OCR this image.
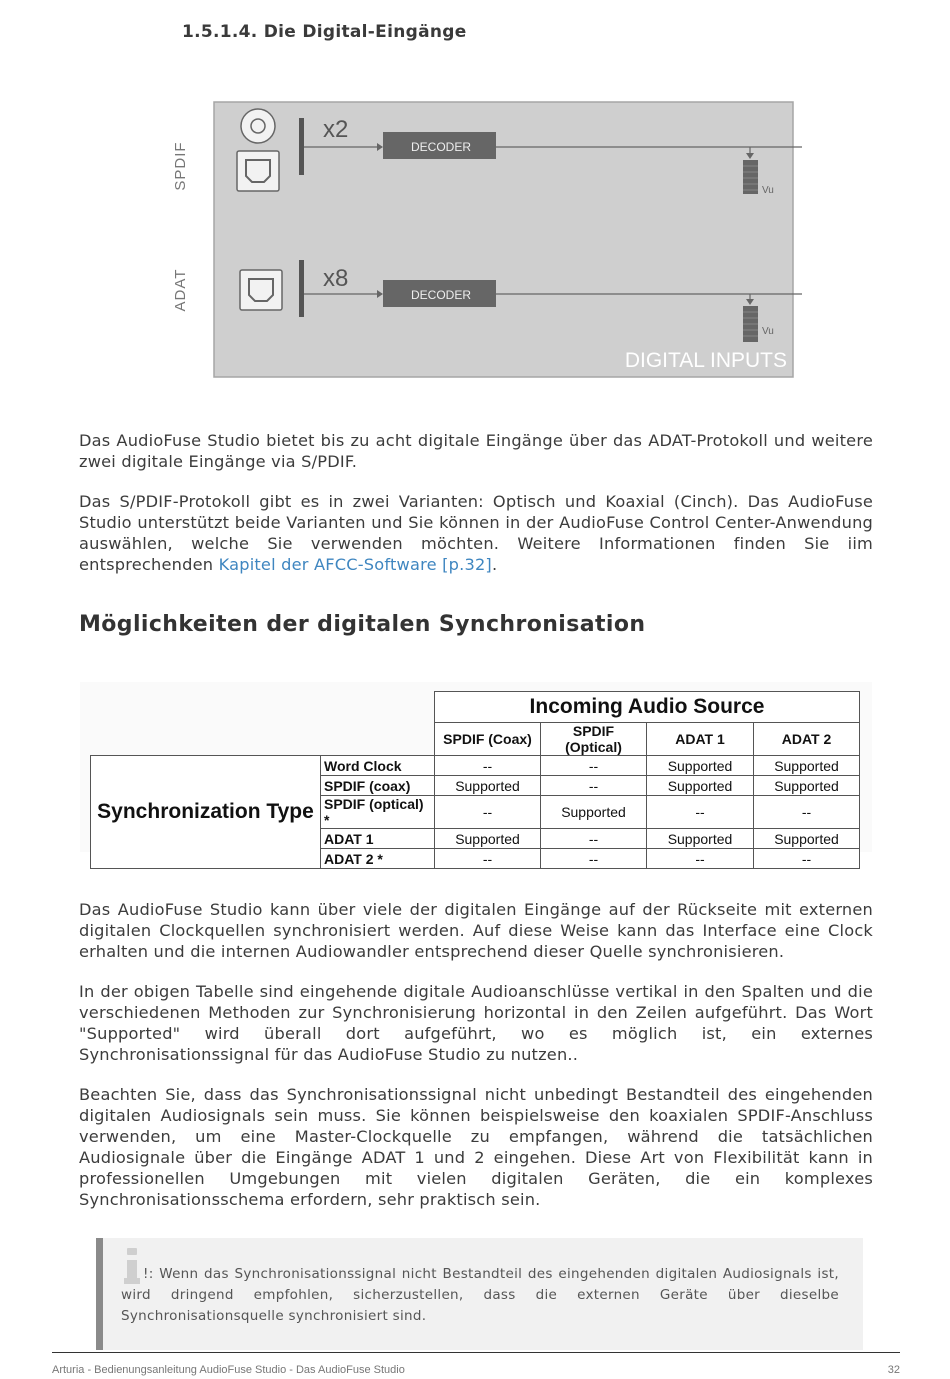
1.5.1.4. Die Digital-Eingänge
SPDIF
ADAT
x2
DECODER
Vu
x8
DECODER
Vu
DIGITAL INPUTS

Das AudioFuse Studio bietet bis zu acht digitale Eingänge über das ADAT-Protokoll und weitere zwei digitale Eingänge via S/PDIF.

Das S/PDIF-Protokoll gibt es in zwei Varianten: Optisch und Koaxial (Cinch). Das AudioFuse Studio unterstützt beide Varianten und Sie können in der AudioFuse Control Center-Anwendung auswählen, welche Sie verwenden möchten. Weitere Informationen finden Sie iim entsprechenden Kapitel der AFCC-Software [p.32].

Möglichkeiten der digitalen Synchronisation
		Incoming Audio Source			
		SPDIF (Coax)	SPDIF (Optical)	ADAT 1	ADAT 2
Synchronization Type	Word Clock	--	--	Supported	Supported
	SPDIF (coax)	Supported	--	Supported	Supported
	SPDIF (optical) *	--	Supported	--	--
	ADAT 1	Supported	--	Supported	Supported
	ADAT 2 *	--	--	--	--

Das AudioFuse Studio kann über viele der digitalen Eingänge auf der Rückseite mit externen digitalen Clockquellen synchronisiert werden. Auf diese Weise kann das Interface eine Clock erhalten und die internen Audiowandler entsprechend dieser Quelle synchronisieren.

In der obigen Tabelle sind eingehende digitale Audioanschlüsse vertikal in den Spalten und die verschiedenen Methoden zur Synchronisierung horizontal in den Zeilen aufgeführt. Das Wort "Supported" wird überall dort aufgeführt, wo es möglich ist, ein externes Synchronisationssignal für das AudioFuse Studio zu nutzen..

Beachten Sie, dass das Synchronisationssignal nicht unbedingt Bestandteil des eingehenden digitalen Audiosignals sein muss. Sie können beispielsweise den koaxialen SPDIF-Anschluss verwenden, um eine Master-Clockquelle zu empfangen, während die tatsächlichen Audiosignale über die Eingänge ADAT 1 und 2 eingehen. Diese Art von Flexibilität kann in professionellen Umgebungen mit vielen digitalen Geräten, die ein komplexes Synchronisationsschema erfordern, sehr praktisch sein.

!: Wenn das Synchronisationssignal nicht Bestandteil des eingehenden digitalen Audiosignals ist, wird dringend empfohlen, sicherzustellen, dass die externen Geräte über dieselbe Synchronisationsquelle synchronisiert sind.
Arturia - Bedienungsanleitung AudioFuse Studio - Das AudioFuse Studio	32
